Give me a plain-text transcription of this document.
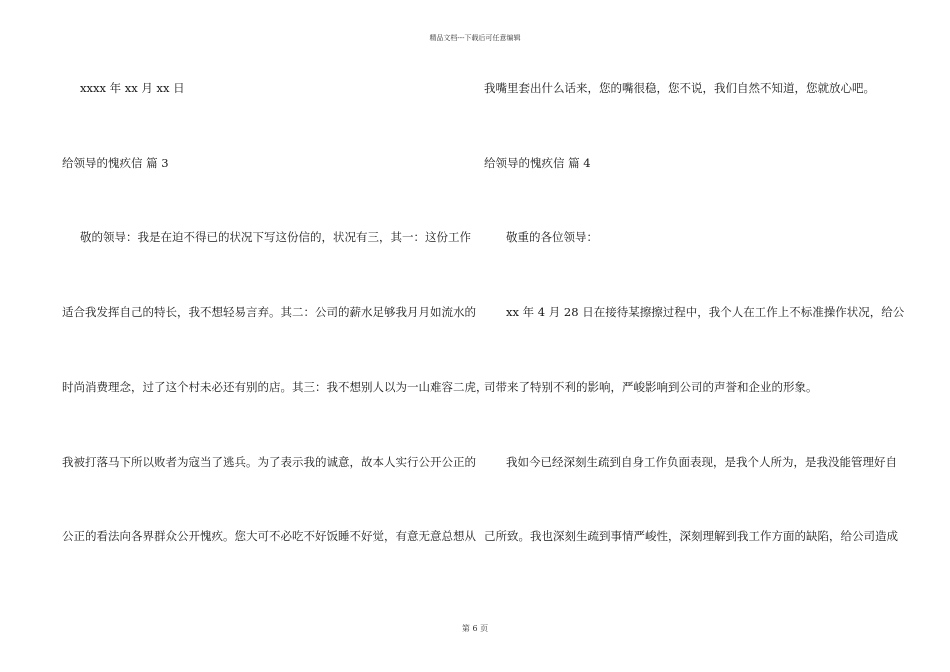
精品文档---下载后可任意编辑
xxxx 年 xx 月 xx 日
给领导的愧疚信 篇 3
敬的领导：我是在迫不得已的状况下写这份信的，状况有三，其一：这份工作
适合我发挥自己的特长，我不想轻易言弃。其二：公司的薪水足够我月月如流水的
时尚消费理念，过了这个村未必还有别的店。其三：我不想别人以为一山难容二虎，
我被打落马下所以败者为寇当了逃兵。为了表示我的诚意，故本人实行公开公正的
公正的看法向各界群众公开愧疚。您大可不必吃不好饭睡不好觉，有意无意总想从
我嘴里套出什么话来，您的嘴很稳，您不说，我们自然不知道，您就放心吧。
给领导的愧疚信 篇 4
敬重的各位领导：
xx 年 4 月 28 日在接待某擦擦过程中，我个人在工作上不标准操作状况，给公
司带来了特别不利的影响，严峻影响到公司的声誉和企业的形象。
我如今已经深刻生疏到自身工作负面表现，是我个人所为，是我没能管理好自
己所致。我也深刻生疏到事情严峻性，深刻理解到我工作方面的缺陷，给公司造成
第 6 页
